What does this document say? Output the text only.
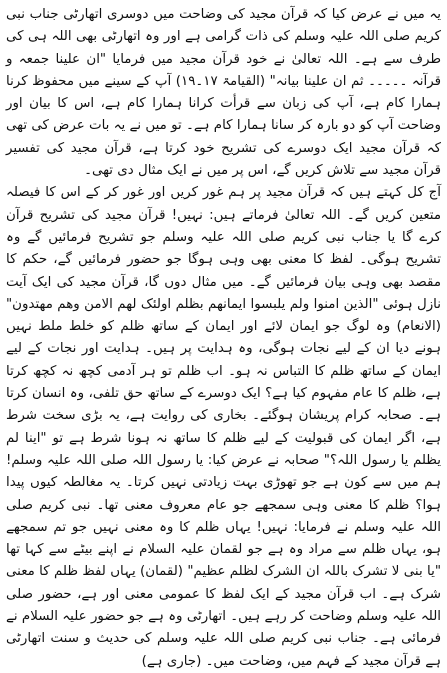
یہ میں نے عرض کیا کہ قرآن مجید کی وضاحت میں دوسری اتھارٹی جناب نبی کریم صلی اللہ علیہ وسلم کی ذات گرامی ہے اور وہ اتھارٹی بھی اللہ ہی کی طرف سے ہے۔ اللہ تعالیٰ نے خود قرآن مجید میں فرمایا "ان علینا جمعہ و قرآنہ ۔۔۔۔۔ ثم ان علینا بیانہ" (القیامۃ ۱۷۔۱۹) آپ کے سینے میں محفوظ کرنا ہمارا کام ہے، آپ کی زبان سے قرأت کرانا ہمارا کام ہے، اس کا بیان اور وضاحت آپ کو دو بارہ کر سانا ہمارا کام ہے۔ تو میں نے یہ بات عرض کی تھی کہ قرآن مجید ایک دوسرے کی تشریح خود کرتا ہے، قرآن مجید کی تفسیر قرآن مجید سے تلاش کریں گے، اس پر میں نے ایک مثال دی تھی۔

آج کل کہتے ہیں کہ قرآن مجید پر ہم غور کریں اور غور کر کے اس کا فیصلہ متعین کریں گے۔ اللہ تعالیٰ فرماتے ہیں: نہیں! قرآن مجید کی تشریح قرآن کرے گا یا جناب نبی کریم صلی اللہ علیہ وسلم جو تشریح فرمائیں گے وہ تشریح ہوگی۔ لفظ کا معنی بھی وہی ہوگا جو حضور فرمائیں گے، حکم کا مقصد بھی وہی بیان فرمائیں گے۔ میں مثال دوں گا، قرآن مجید کی ایک آیت نازل ہوئی "الذین امنوا ولم یلبسوا ایمانھم بظلم اولئک لھم الامن وھم مھتدون" (الانعام) وہ لوگ جو ایمان لائے اور ایمان کے ساتھ ظلم کو خلط ملط نہیں ہونے دیا ان کے لیے نجات ہوگی، وہ ہدایت پر ہیں۔ ہدایت اور نجات کے لیے ایمان کے ساتھ ظلم کا التباس نہ ہو۔ اب ظلم تو ہر آدمی کچھ نہ کچھ کرتا ہے، ظلم کا عام مفہوم کیا ہے؟ ایک دوسرے کے ساتھ حق تلفی، وہ انسان کرتا ہے۔ صحابہ کرام پریشان ہوگئے۔ بخاری کی روایت ہے، یہ بڑی سخت شرط ہے، اگر ایمان کی قبولیت کے لیے ظلم کا ساتھ نہ ہونا شرط ہے تو "اینا لم یظلم یا رسول اللہ؟" صحابہ نے عرض کیا: یا رسول اللہ صلی اللہ علیہ وسلم! ہم میں سے کون ہے جو تھوڑی بہت زیادتی نہیں کرتا۔ یہ مغالطہ کیوں پیدا ہوا؟ ظلم کا معنی وہی سمجھے جو عام معروف معنی تھا۔ نبی کریم صلی اللہ علیہ وسلم نے فرمایا: نہیں! یہاں ظلم کا وہ معنی نہیں جو تم سمجھے ہو، یہاں ظلم سے مراد وہ ہے جو لقمان علیہ السلام نے اپنے بیٹے سے کہا تھا "یا بنی لا تشرک باللہ ان الشرک لظلم عظیم" (لقمان) یہاں لفظ ظلم کا معنی شرک ہے۔ اب قرآن مجید کے ایک لفظ کا عمومی معنی اور ہے، حضور صلی اللہ علیہ وسلم وضاحت کر رہے ہیں۔ اتھارٹی وہ ہے جو حضور علیہ السلام نے فرمائی ہے۔ جناب نبی کریم صلی اللہ علیہ وسلم کی حدیث و سنت اتھارٹی ہے قرآن مجید کے فہم میں، وضاحت میں۔ (جاری ہے)
